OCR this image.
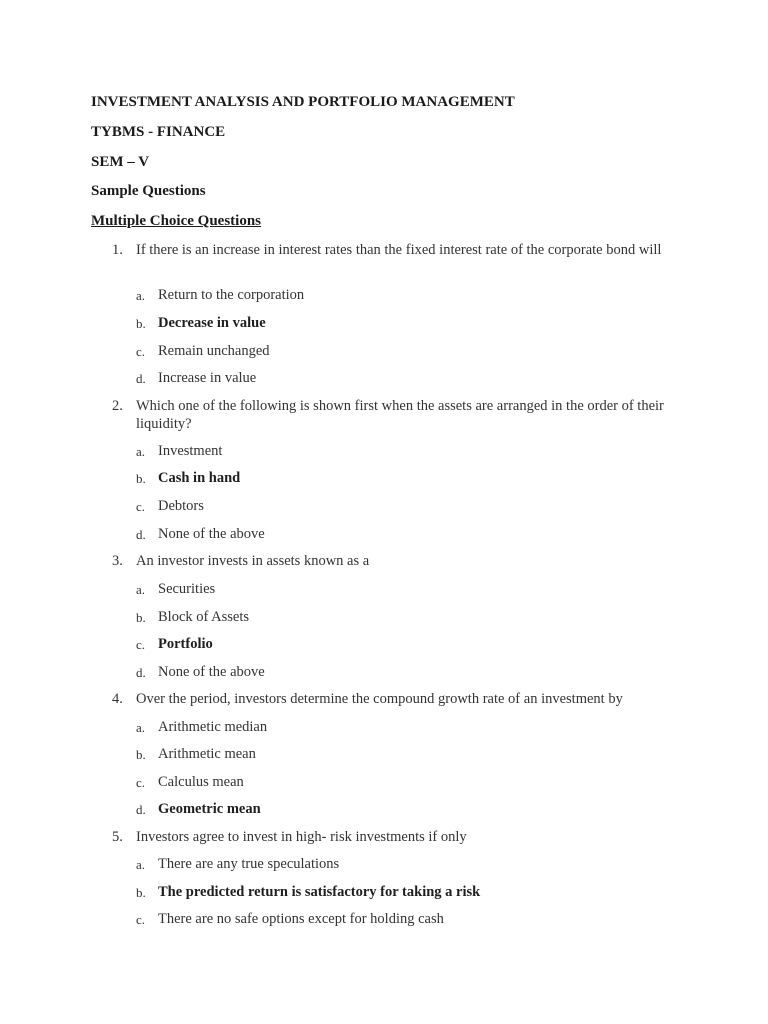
INVESTMENT ANALYSIS AND PORTFOLIO MANAGEMENT
TYBMS - FINANCE
SEM – V
Sample Questions
Multiple Choice Questions
1. If there is an increase in interest rates than the fixed interest rate of the corporate bond will
a. Return to the corporation
b. Decrease in value
c. Remain unchanged
d. Increase in value
2. Which one of the following is shown first when the assets are arranged in the order of their liquidity?
a. Investment
b. Cash in hand
c. Debtors
d. None of the above
3. An investor invests in assets known as a
a. Securities
b. Block of Assets
c. Portfolio
d. None of the above
4. Over the period, investors determine the compound growth rate of an investment by
a. Arithmetic median
b. Arithmetic mean
c. Calculus mean
d. Geometric mean
5. Investors agree to invest in high- risk investments if only
a. There are any true speculations
b. The predicted return is satisfactory for taking a risk
c. There are no safe options except for holding cash
